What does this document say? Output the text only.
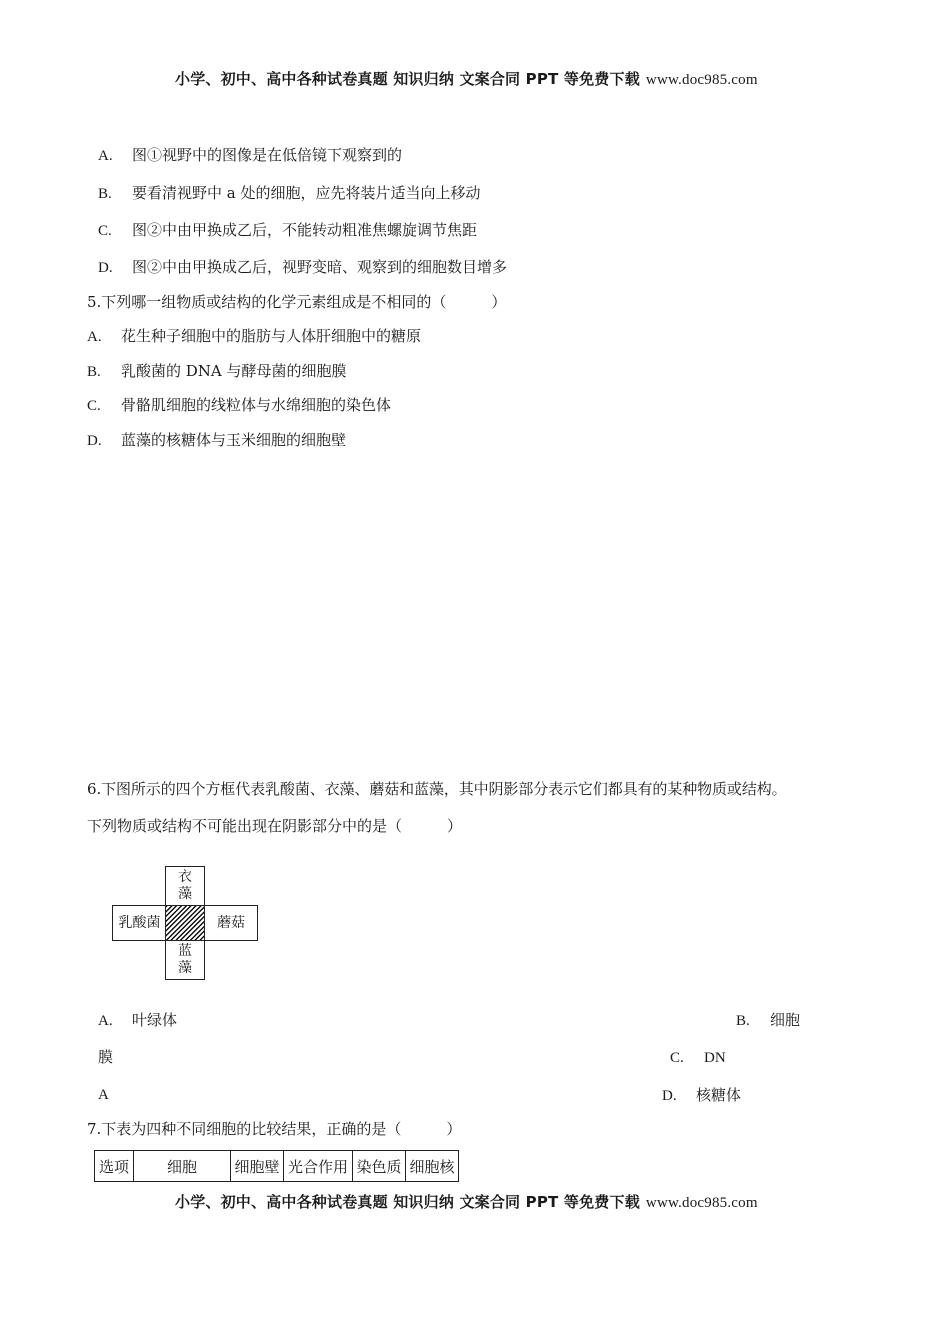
小学、初中、高中各种试卷真题 知识归纳 文案合同 PPT 等免费下载 www.doc985.com
A. 图①视野中的图像是在低倍镜下观察到的
B. 要看清视野中 a 处的细胞，应先将装片适当向上移动
C. 图②中由甲换成乙后，不能转动粗准焦螺旋调节焦距
D. 图②中由甲换成乙后，视野变暗、观察到的细胞数目增多
5.下列哪一组物质或结构的化学元素组成是不相同的（　　　）
A. 花生种子细胞中的脂肪与人体肝细胞中的糖原
B. 乳酸菌的 DNA 与酵母菌的细胞膜
C. 骨骼肌细胞的线粒体与水绵细胞的染色体
D. 蓝藻的核糖体与玉米细胞的细胞壁
6.下图所示的四个方框代表乳酸菌、衣藻、蘑菇和蓝藻，其中阴影部分表示它们都具有的某种物质或结构。
下列物质或结构不可能出现在阴影部分中的是（　　　）
衣
藻
乳酸菌	蘑菇
蓝
藻
A. 叶绿体	B. 细胞
膜	C. DN
A	D. 核糖体
7.下表为四种不同细胞的比较结果，正确的是（　　　）
选项	细胞	细胞壁	光合作用	染色质	细胞核
小学、初中、高中各种试卷真题 知识归纳 文案合同 PPT 等免费下载 www.doc985.com
